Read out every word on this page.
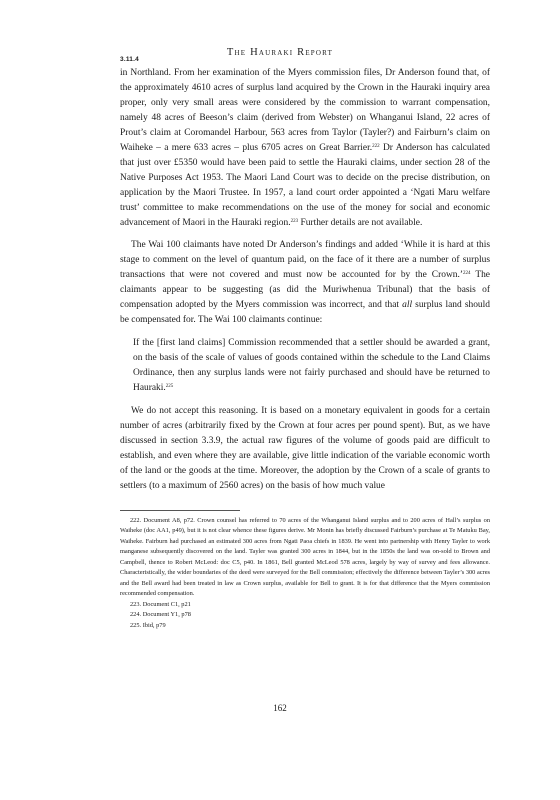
The Hauraki Report
3.11.4

in Northland. From her examination of the Myers commission files, Dr Anderson found that, of the approximately 4610 acres of surplus land acquired by the Crown in the Hauraki inquiry area proper, only very small areas were considered by the commission to warrant compensation, namely 48 acres of Beeson’s claim (derived from Webster) on Whanganui Island, 22 acres of Prout’s claim at Coromandel Harbour, 563 acres from Taylor (Tayler?) and Fairburn’s claim on Waiheke – a mere 633 acres – plus 6705 acres on Great Barrier.$^{222}$ Dr Anderson has calculated that just over £5350 would have been paid to settle the Hauraki claims, under section 28 of the Native Purposes Act 1953. The Maori Land Court was to decide on the precise distribution, on application by the Maori Trustee. In 1957, a land court order appointed a ‘Ngati Maru welfare trust’ committee to make recommendations on the use of the money for social and economic advancement of Maori in the Hauraki region.$^{223}$ Further details are not available.

The Wai 100 claimants have noted Dr Anderson’s findings and added ‘While it is hard at this stage to comment on the level of quantum paid, on the face of it there are a number of surplus transactions that were not covered and must now be accounted for by the Crown.’$^{224}$ The claimants appear to be suggesting (as did the Muriwhenua Tribunal) that the basis of compensation adopted by the Myers commission was incorrect, and that all surplus land should be compensated for. The Wai 100 claimants continue:

If the [first land claims] Commission recommended that a settler should be awarded a grant, on the basis of the scale of values of goods contained within the schedule to the Land Claims Ordinance, then any surplus lands were not fairly purchased and should have be returned to Hauraki.$^{225}$

We do not accept this reasoning. It is based on a monetary equivalent in goods for a certain number of acres (arbitrarily fixed by the Crown at four acres per pound spent). But, as we have discussed in section 3.3.9, the actual raw figures of the volume of goods paid are difficult to establish, and even where they are available, give little indication of the variable economic worth of the land or the goods at the time. Moreover, the adoption by the Crown of a scale of grants to settlers (to a maximum of 2560 acres) on the basis of how much value

222. Document A8, p72. Crown counsel has referred to 70 acres of the Whanganui Island surplus and to 200 acres of Hall’s surplus on Waiheke (doc AA1, p49), but it is not clear whence these figures derive. Mr Monin has briefly discussed Fairburn’s purchase at Te Matuku Bay, Waiheke. Fairburn had purchased an estimated 300 acres from Ngati Paoa chiefs in 1839. He went into partnership with Henry Tayler to work manganese subsequently discovered on the land. Tayler was granted 300 acres in 1844, but in the 1850s the land was on-sold to Brown and Campbell, thence to Robert McLeod: doc C5, p40. In 1861, Bell granted McLeod 578 acres, largely by way of survey and fees allowance. Characteristically, the wider boundaries of the deed were surveyed for the Bell commission; effectively the difference between Tayler’s 300 acres and the Bell award had been treated in law as Crown surplus, available for Bell to grant. It is for that difference that the Myers commission recommended compensation.

223. Document C1, p21

224. Document Y1, p78

225. Ibid, p79

162
